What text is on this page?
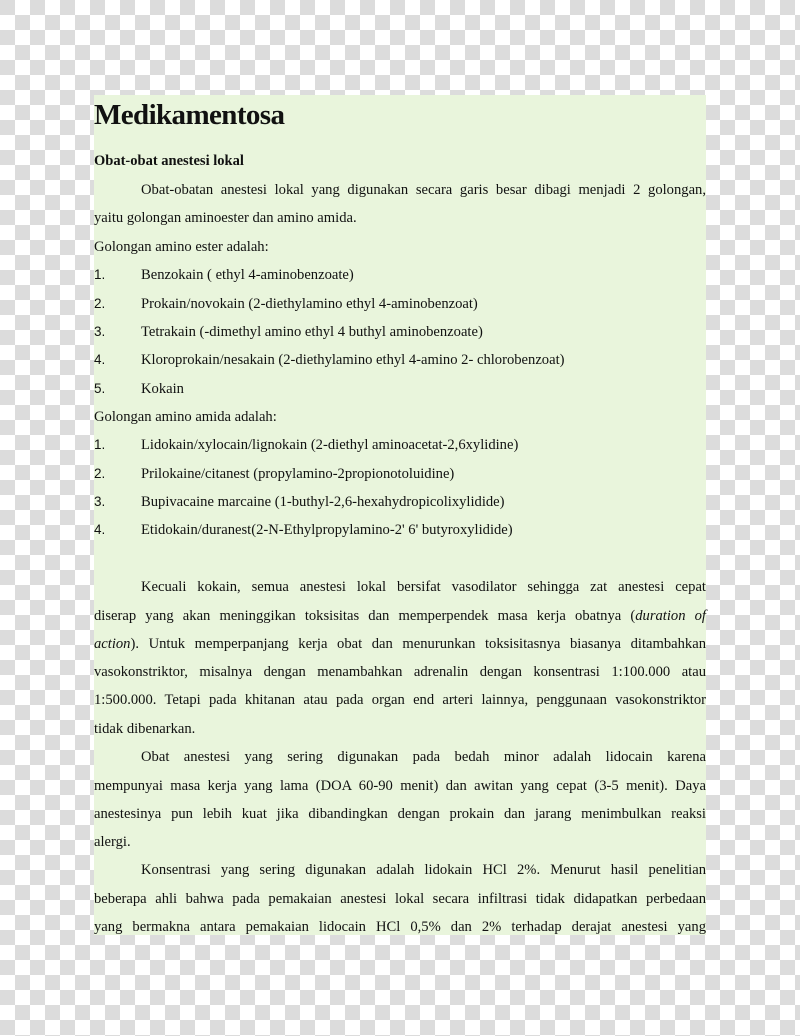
Medikamentosa
Obat-obat anestesi lokal
Obat-obatan anestesi lokal yang digunakan secara garis besar dibagi menjadi 2 golongan,
yaitu golongan aminoester dan amino amida.
Golongan amino ester adalah:
1. Benzokain ( ethyl 4-aminobenzoate)
2. Prokain/novokain (2-diethylamino ethyl 4-aminobenzoat)
3. Tetrakain (-dimethyl amino ethyl 4 buthyl aminobenzoate)
4. Kloroprokain/nesakain (2-diethylamino ethyl 4-amino 2- chlorobenzoat)
5. Kokain
Golongan amino amida adalah:
1. Lidokain/xylocain/lignokain (2-diethyl aminoacetat-2,6xylidine)
2. Prilokaine/citanest (propylamino-2propionotoluidine)
3. Bupivacaine marcaine (1-buthyl-2,6-hexahydropicolixylidide)
4. Etidokain/duranest(2-N-Ethylpropylamino-2' 6' butyroxylidide)
Kecuali kokain, semua anestesi lokal bersifat vasodilator sehingga zat anestesi cepat
diserap yang akan meninggikan toksisitas dan memperpendek masa kerja obatnya (duration of
action). Untuk memperpanjang kerja obat dan menurunkan toksisitasnya biasanya ditambahkan
vasokonstriktor, misalnya dengan menambahkan adrenalin dengan konsentrasi 1:100.000 atau
1:500.000. Tetapi pada khitanan atau pada organ end arteri lainnya, penggunaan vasokonstriktor
tidak dibenarkan.
Obat anestesi yang sering digunakan pada bedah minor adalah lidocain karena
mempunyai masa kerja yang lama (DOA 60-90 menit) dan awitan yang cepat (3-5 menit). Daya
anestesinya pun lebih kuat jika dibandingkan dengan prokain dan jarang menimbulkan reaksi
alergi.
Konsentrasi yang sering digunakan adalah lidokain HCl 2%. Menurut hasil penelitian
beberapa ahli bahwa pada pemakaian anestesi lokal secara infiltrasi tidak didapatkan perbedaan
yang bermakna antara pemakaian lidocain HCl 0,5% dan 2% terhadap derajat anestesi yang
